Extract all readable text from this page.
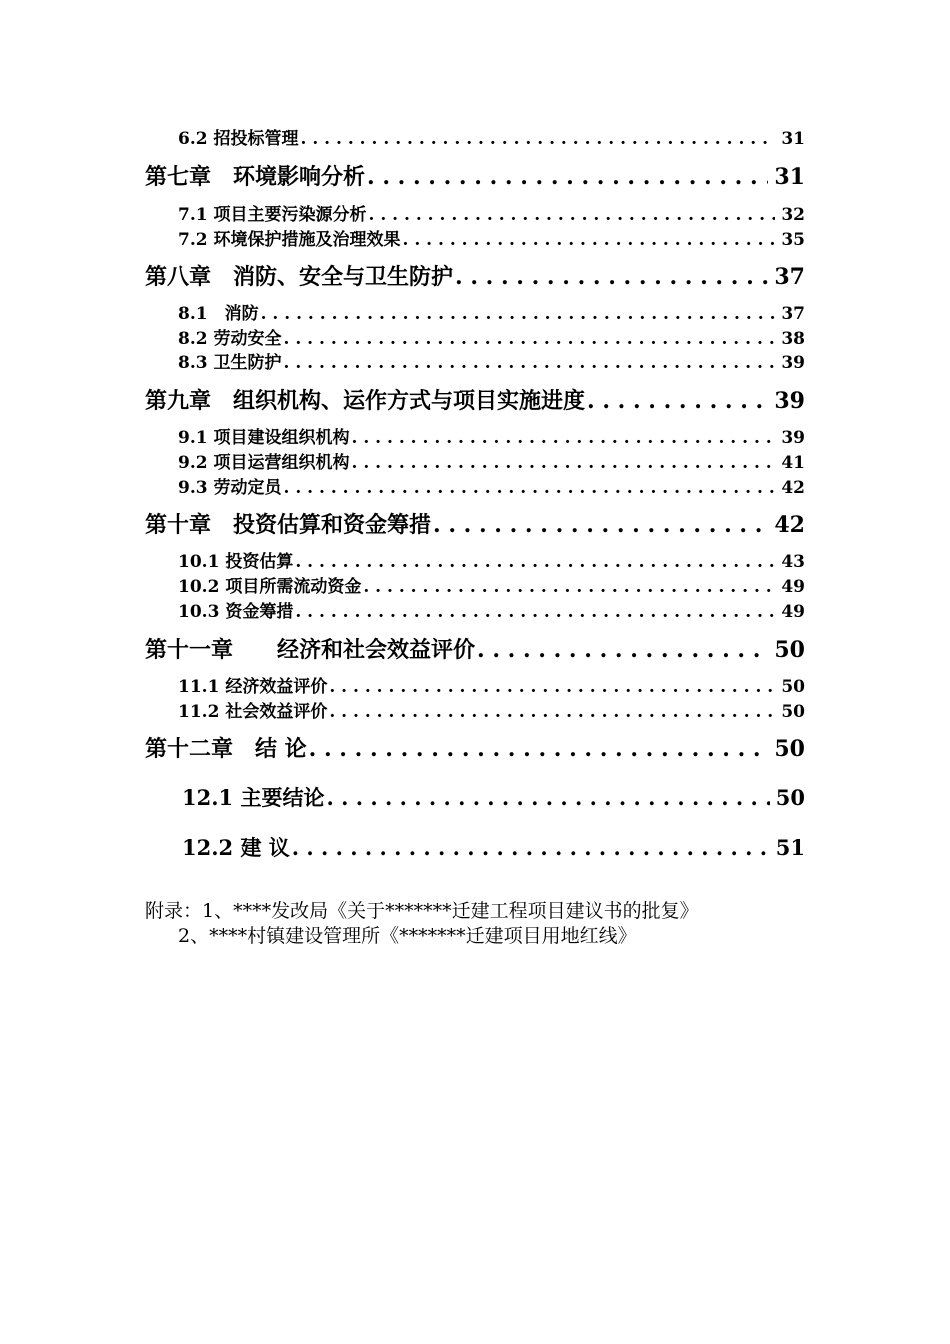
6.2 招投标管理 . . .	31
第七章　环境影响分析 . . .	31
7.1 项目主要污染源分析 . . .	32
7.2 环境保护措施及治理效果 . . .	35
第八章　消防、安全与卫生防护 . . .	37
8.1　消防 . . .	37
8.2 劳动安全 . . .	38
8.3 卫生防护 . . .	39
第九章　组织机构、运作方式与项目实施进度 . . .	39
9.1 项目建设组织机构 . . .	39
9.2 项目运营组织机构 . . .	41
9.3 劳动定员 . . .	42
第十章　投资估算和资金筹措 . . .	42
10.1 投资估算 . . .	43
10.2 项目所需流动资金 . . .	49
10.3 资金筹措 . . .	49
第十一章　　经济和社会效益评价 . . .	50
11.1 经济效益评价 . . .	50
11.2 社会效益评价 . . .	50
第十二章　结 论 . . .	50
12.1 主要结论 . . .	50
12.2 建 议 . . .	51
附录：1、****发改局《关于*******迁建工程项目建议书的批复》
2、****村镇建设管理所《*******迁建项目用地红线》
